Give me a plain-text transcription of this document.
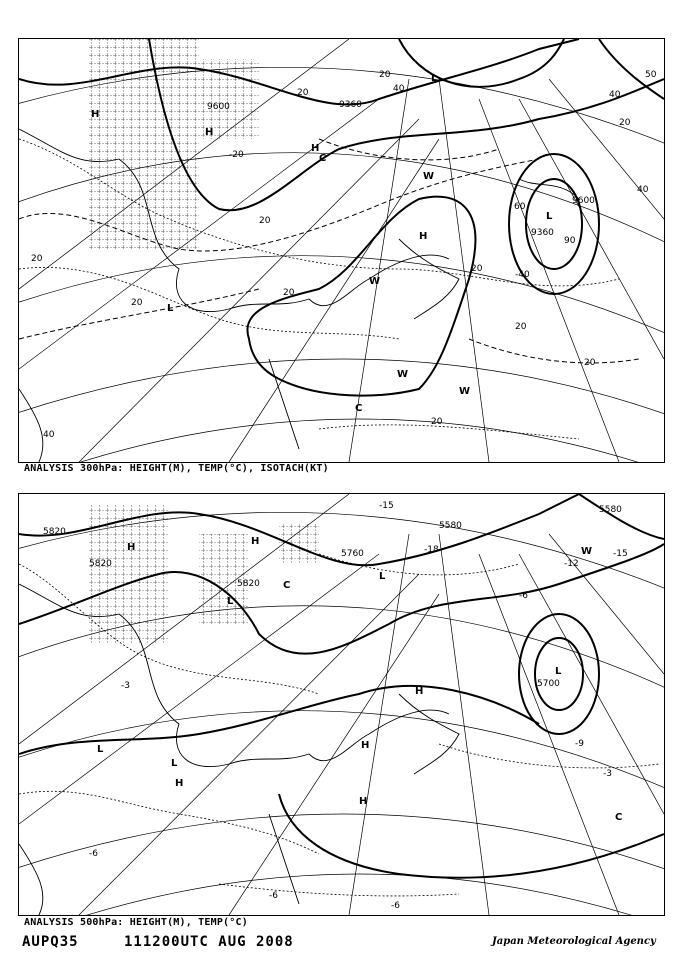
H
H
L
L
H
W
W
W
W
C
C
H
L
20
20
40
20
9600	9360
40
20
20
20
20
9600
9360
90
60
20
40
20
20
-20
40
-40
50
20
ANALYSIS 300hPa: HEIGHT(M), TEMP(°C), ISOTACH(KT)
H
H
L
L
H
L
L
H
H
C
C
L
H
W
5820
5820
5820
5760
5580
5580
-15
-18
-12
-15
-6
-6
-3
-6
-3
-9
5700
-6
ANALYSIS 500hPa: HEIGHT(M), TEMP(°C)
AUPQ35	111200UTC AUG 2008	Japan Meteorological Agency
